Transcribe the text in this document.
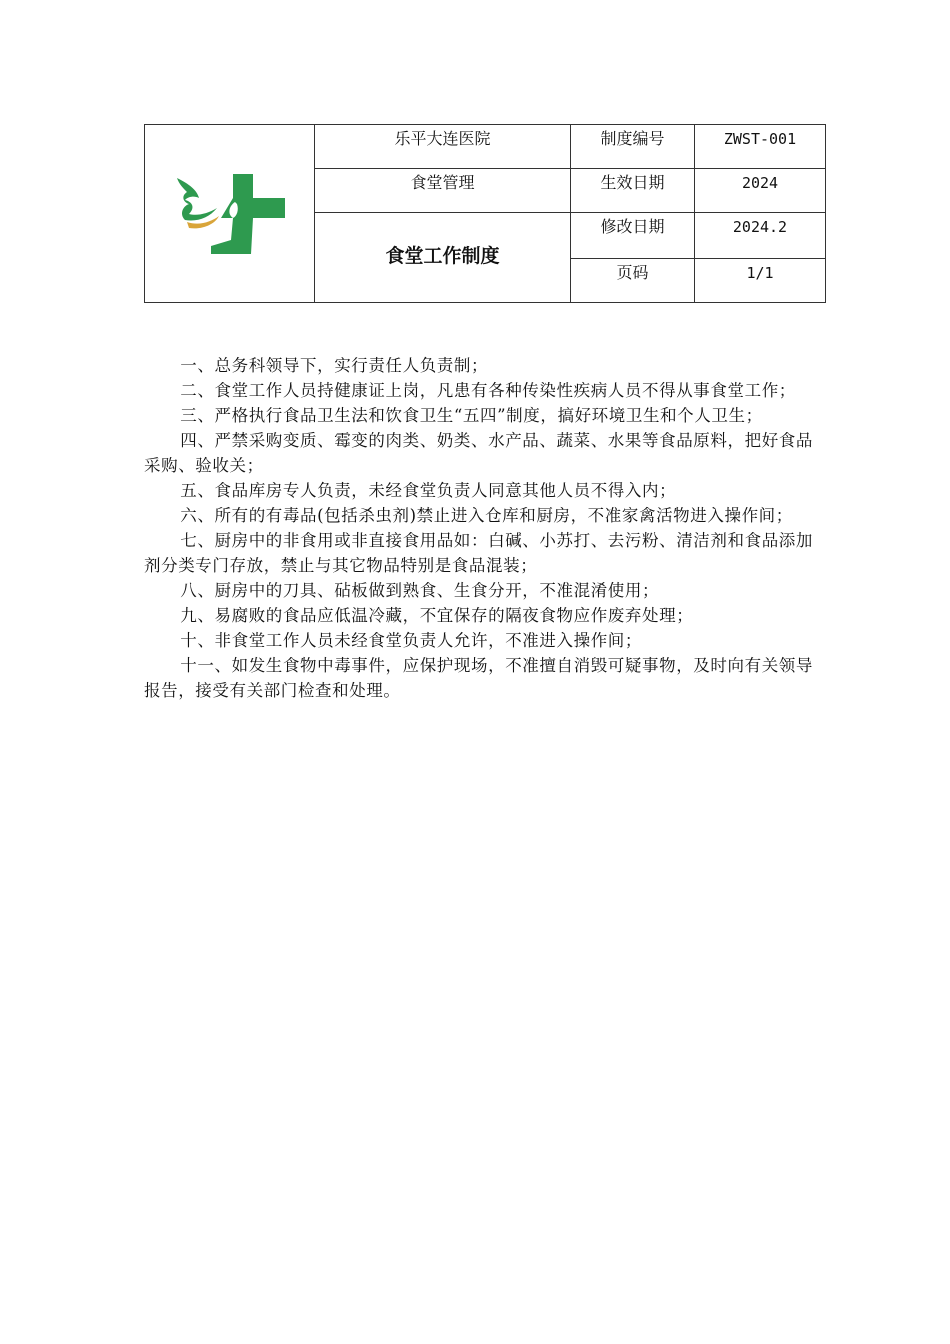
	乐平大连医院	制度编号	ZWST-001
	食堂管理	生效日期	2024
	食堂工作制度	修改日期	2024.2
		页码	1/1

一、总务科领导下，实行责任人负责制；

二、食堂工作人员持健康证上岗，凡患有各种传染性疾病人员不得从事食堂工作；

三、严格执行食品卫生法和饮食卫生“五四”制度，搞好环境卫生和个人卫生；

四、严禁采购变质、霉变的肉类、奶类、水产品、蔬菜、水果等食品原料，把好食品采购、验收关；

五、食品库房专人负责，未经食堂负责人同意其他人员不得入内；

六、所有的有毒品(包括杀虫剂)禁止进入仓库和厨房，不准家禽活物进入操作间；

七、厨房中的非食用或非直接食用品如：白碱、小苏打、去污粉、清洁剂和食品添加剂分类专门存放，禁止与其它物品特别是食品混装；

八、厨房中的刀具、砧板做到熟食、生食分开，不准混淆使用；

九、易腐败的食品应低温冷藏，不宜保存的隔夜食物应作废弃处理；

十、非食堂工作人员未经食堂负责人允许，不准进入操作间；

十一、如发生食物中毒事件，应保护现场，不准擅自消毁可疑事物，及时向有关领导报告，接受有关部门检查和处理。
